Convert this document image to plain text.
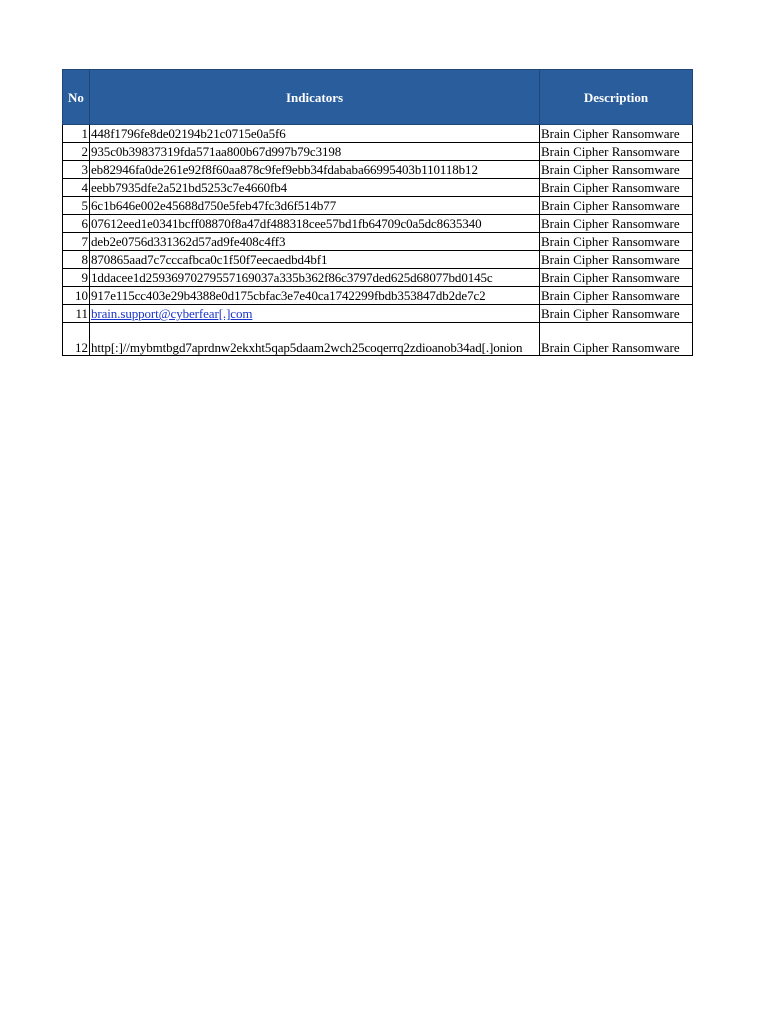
No	Indicators	Description
1	448f1796fe8de02194b21c0715e0a5f6	Brain Cipher Ransomware
2	935c0b39837319fda571aa800b67d997b79c3198	Brain Cipher Ransomware
3	eb82946fa0de261e92f8f60aa878c9fef9ebb34fdababa66995403b110118b12	Brain Cipher Ransomware
4	eebb7935dfe2a521bd5253c7e4660fb4	Brain Cipher Ransomware
5	6c1b646e002e45688d750e5feb47fc3d6f514b77	Brain Cipher Ransomware
6	07612eed1e0341bcff08870f8a47df488318cee57bd1fb64709c0a5dc8635340	Brain Cipher Ransomware
7	deb2e0756d331362d57ad9fe408c4ff3	Brain Cipher Ransomware
8	870865aad7c7cccafbca0c1f50f7eecaedbd4bf1	Brain Cipher Ransomware
9	1ddacee1d25936970279557169037a335b362f86c3797ded625d68077bd0145c	Brain Cipher Ransomware
10	917e115cc403e29b4388e0d175cbfac3e7e40ca1742299fbdb353847db2de7c2	Brain Cipher Ransomware
11	brain.support@cyberfear[.]com	Brain Cipher Ransomware
12	http[:]//mybmtbgd7aprdnw2ekxht5qap5daam2wch25coqerrq2zdioanob34ad[.]onion	Brain Cipher Ransomware
